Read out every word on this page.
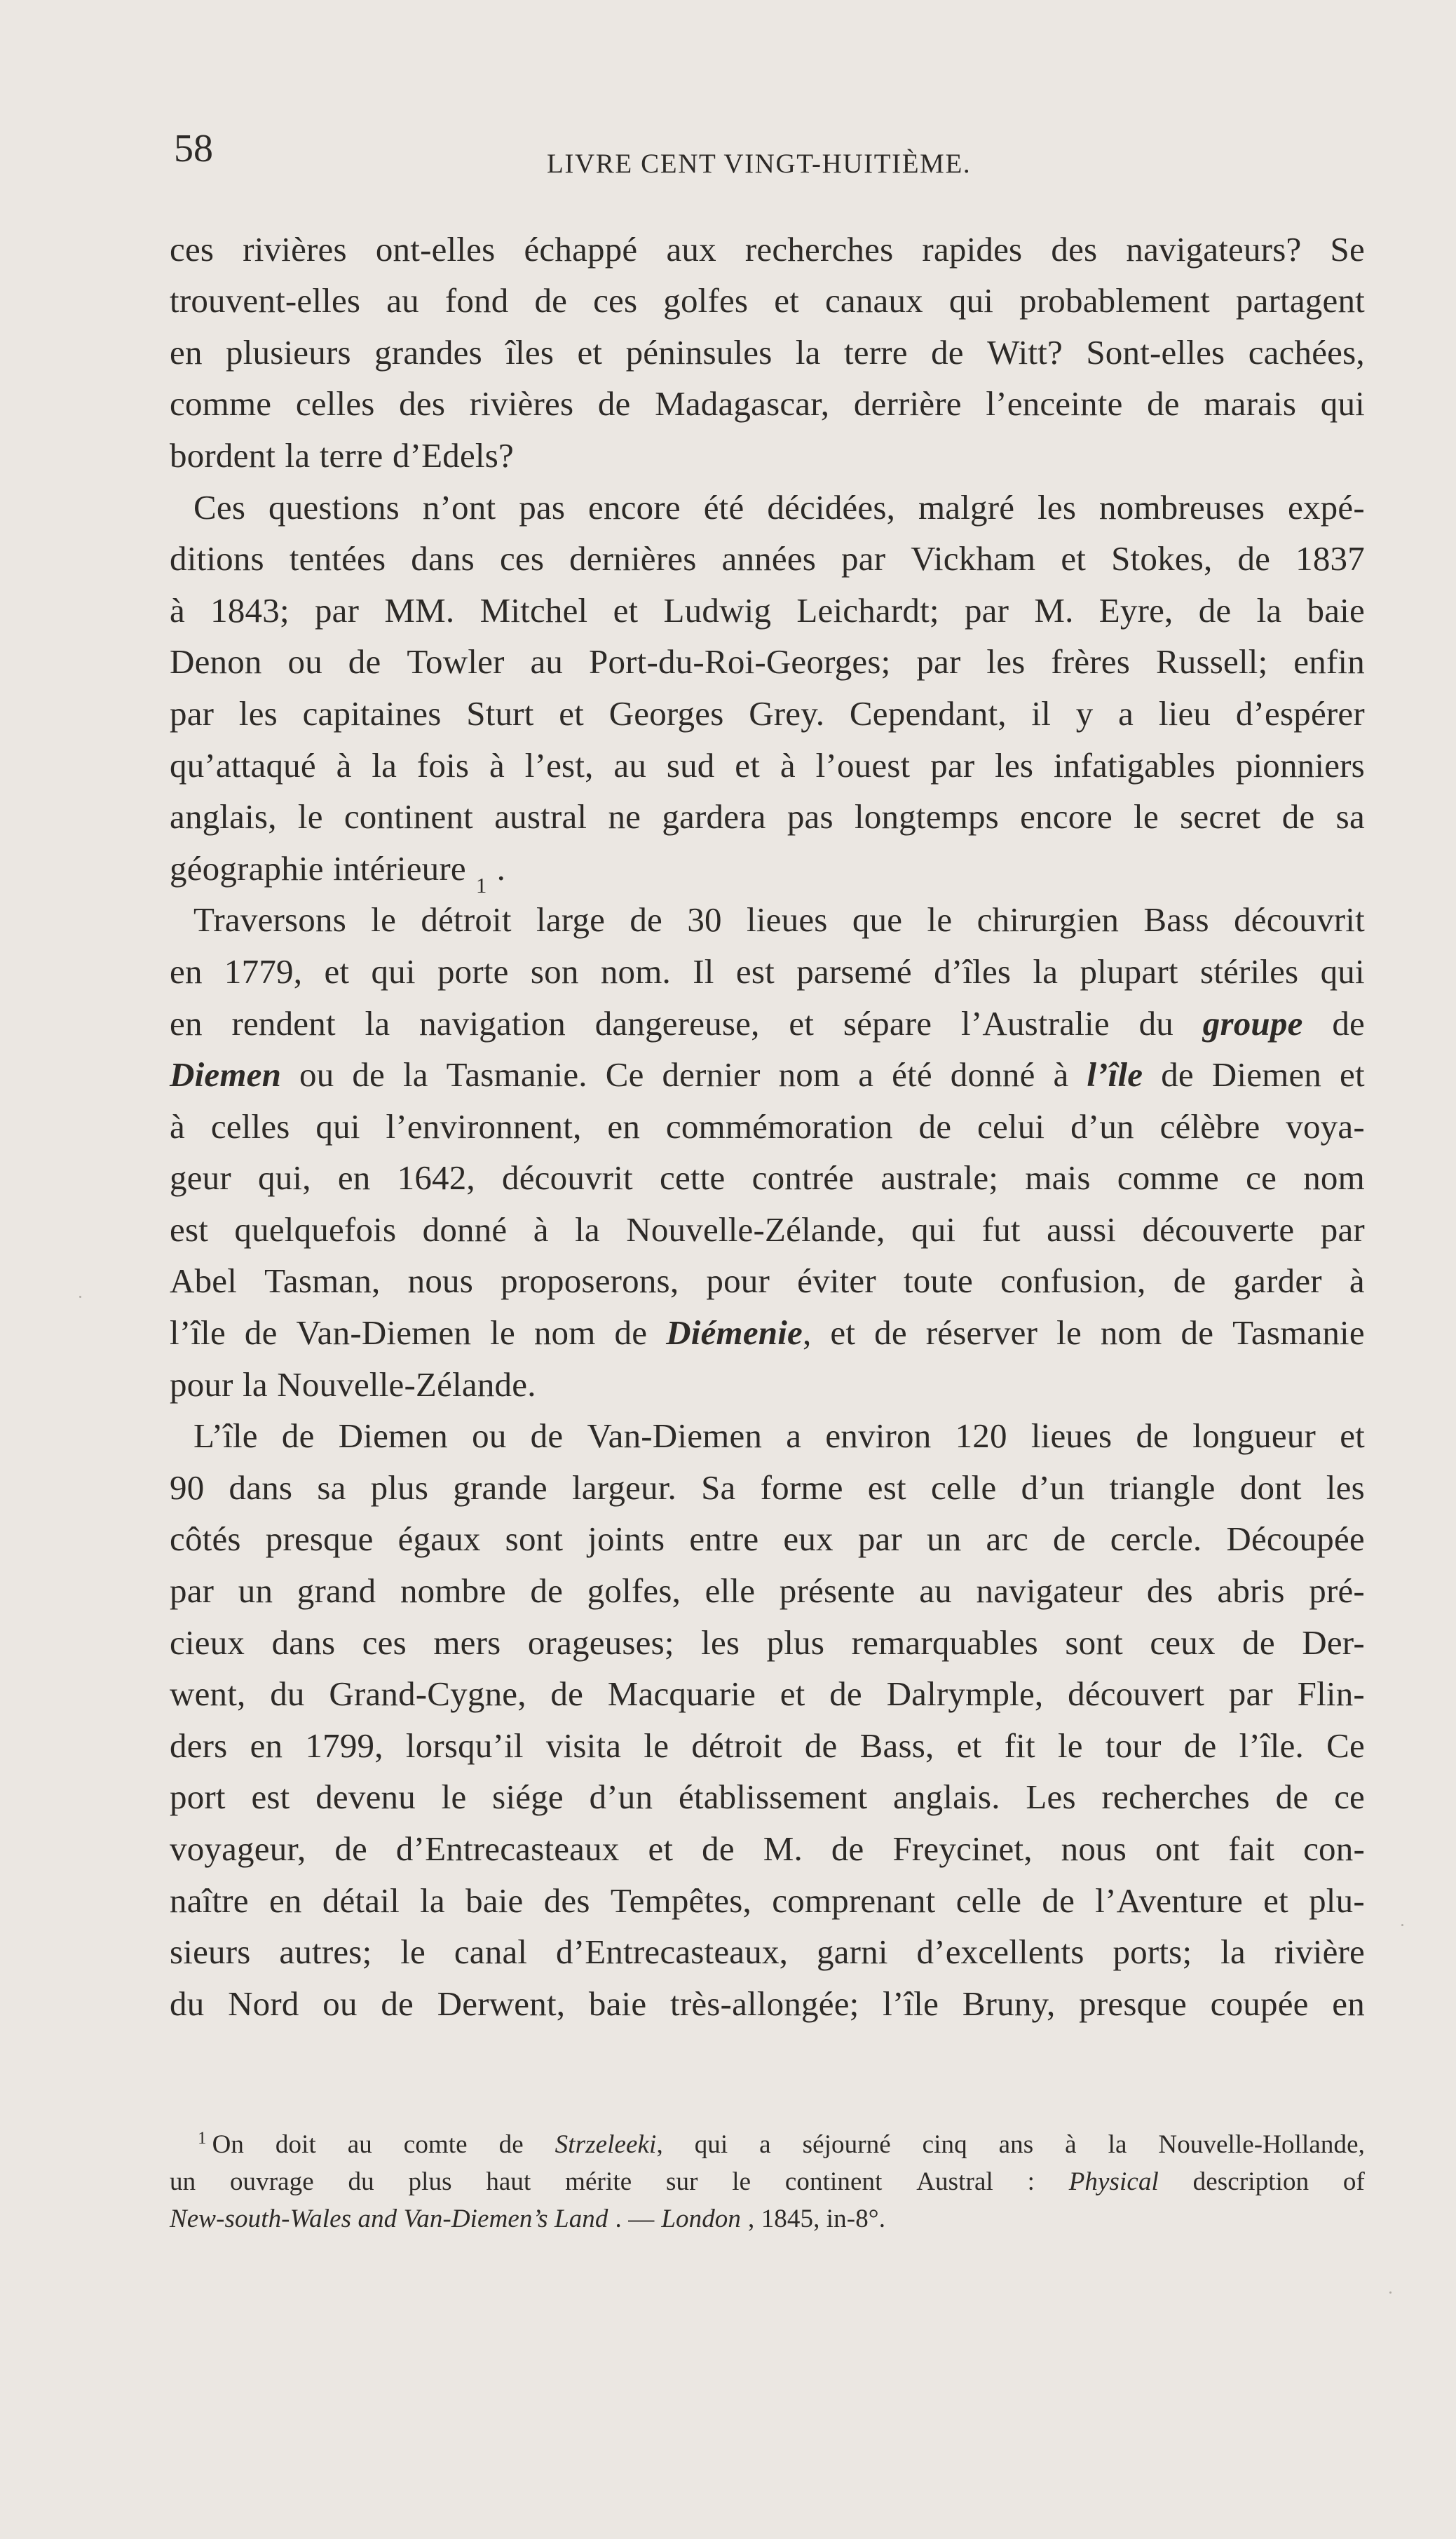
58	LIVRE CENT VINGT-HUITIÈME.
ces rivières ont-elles échappé aux recherches rapides des navigateurs? Se
trouvent-elles au fond de ces golfes et canaux qui probablement partagent
en plusieurs grandes îles et péninsules la terre de Witt? Sont-elles cachées,
comme celles des rivières de Madagascar, derrière l’enceinte de marais qui
bordent la terre d’Edels?
Ces questions n’ont pas encore été décidées, malgré les nombreuses expé-
ditions tentées dans ces dernières années par Vickham et Stokes, de 1837
à 1843; par MM. Mitchel et Ludwig Leichardt; par M. Eyre, de la baie
Denon ou de Towler au Port-du-Roi-Georges; par les frères Russell; enfin
par les capitaines Sturt et Georges Grey. Cependant, il y a lieu d’espérer
qu’attaqué à la fois à l’est, au sud et à l’ouest par les infatigables pionniers
anglais, le continent austral ne gardera pas longtemps encore le secret de sa
géographie intérieure 1 .
Traversons le détroit large de 30 lieues que le chirurgien Bass découvrit
en 1779, et qui porte son nom. Il est parsemé d’îles la plupart stériles qui
en rendent la navigation dangereuse, et sépare l’Australie du groupe de
Diemen ou de la Tasmanie. Ce dernier nom a été donné à l’île de Diemen et
à celles qui l’environnent, en commémoration de celui d’un célèbre voya-
geur qui, en 1642, découvrit cette contrée australe; mais comme ce nom
est quelquefois donné à la Nouvelle-Zélande, qui fut aussi découverte par
Abel Tasman, nous proposerons, pour éviter toute confusion, de garder à
l’île de Van-Diemen le nom de Diémenie, et de réserver le nom de Tasmanie
pour la Nouvelle-Zélande.
L’île de Diemen ou de Van-Diemen a environ 120 lieues de longueur et
90 dans sa plus grande largeur. Sa forme est celle d’un triangle dont les
côtés presque égaux sont joints entre eux par un arc de cercle. Découpée
par un grand nombre de golfes, elle présente au navigateur des abris pré-
cieux dans ces mers orageuses; les plus remarquables sont ceux de Der-
went, du Grand-Cygne, de Macquarie et de Dalrymple, découvert par Flin-
ders en 1799, lorsqu’il visita le détroit de Bass, et fit le tour de l’île. Ce
port est devenu le siége d’un établissement anglais. Les recherches de ce
voyageur, de d’Entrecasteaux et de M. de Freycinet, nous ont fait con-
naître en détail la baie des Tempêtes, comprenant celle de l’Aventure et plu-
sieurs autres; le canal d’Entrecasteaux, garni d’excellents ports; la rivière
du Nord ou de Derwent, baie très-allongée; l’île Bruny, presque coupée en
$^1$ On doit au comte de Strzeleeki, qui a séjourné cinq ans à la Nouvelle-Hollande,
un ouvrage du plus haut mérite sur le continent Austral : Physical description of
New-south-Wales and Van-Diemen’s Land . — London , 1845, in-8°.
